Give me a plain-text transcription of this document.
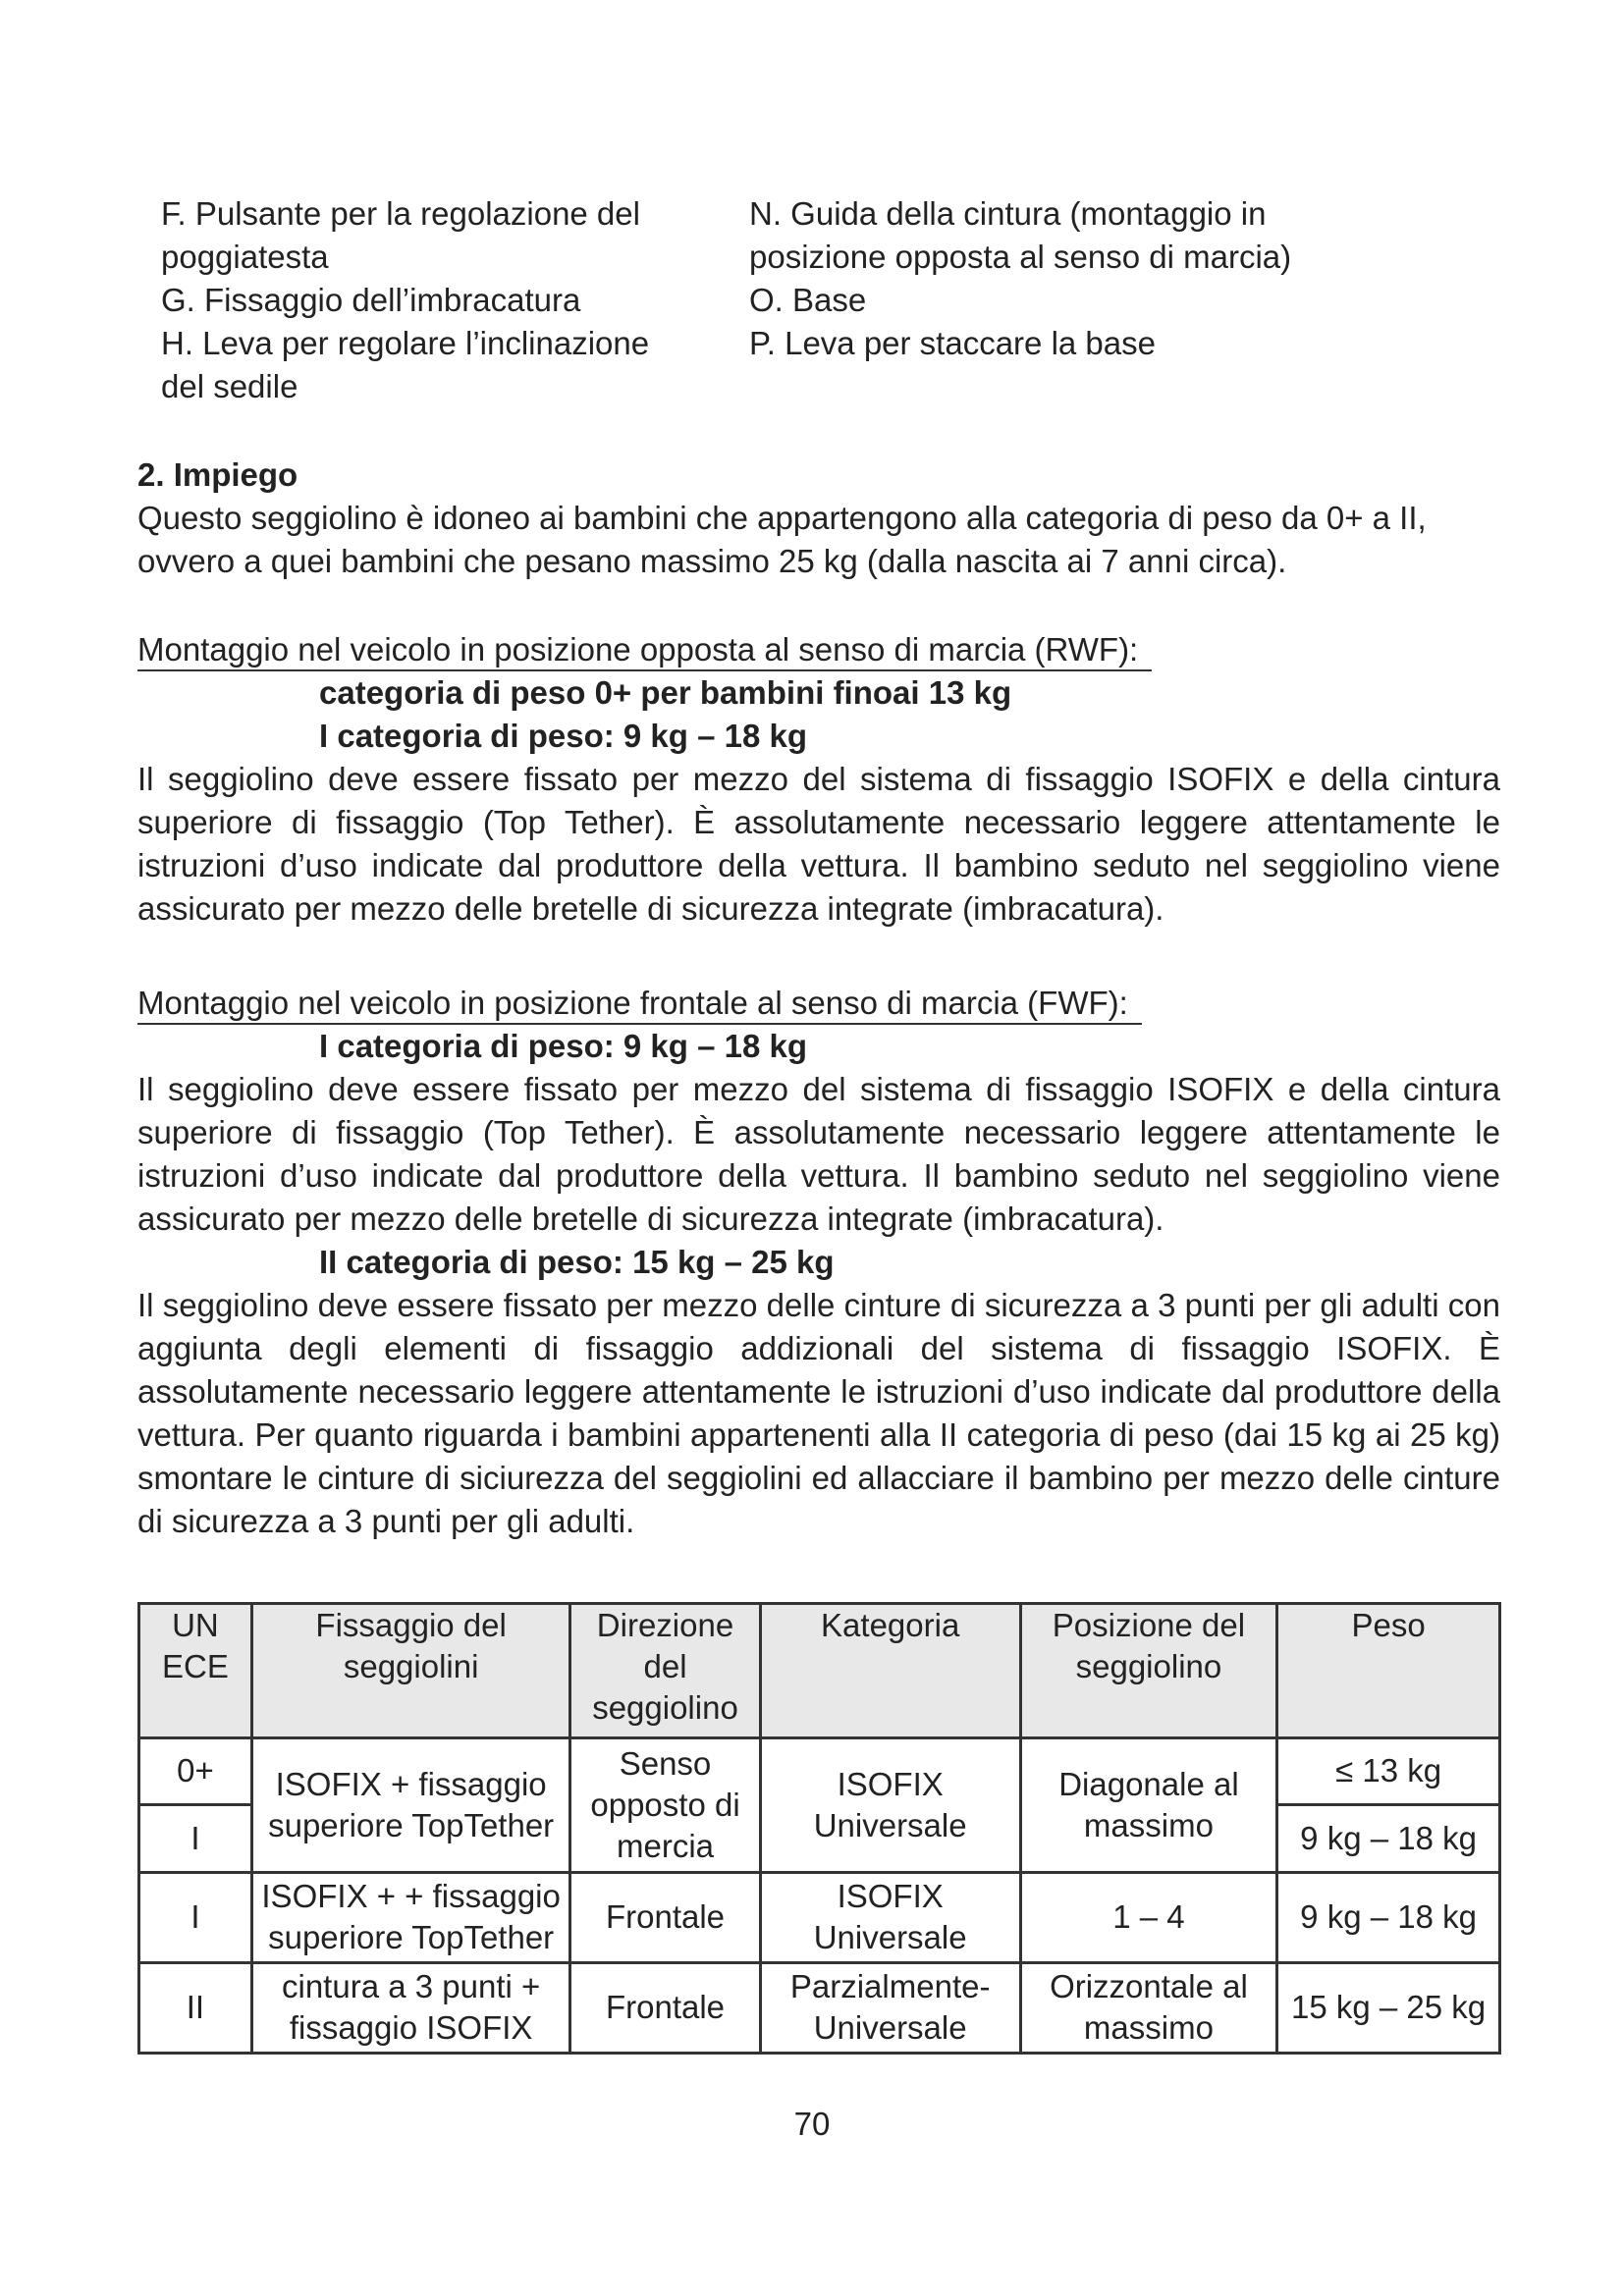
F. Pulsante per la regolazione del
poggiatesta
G. Fissaggio dell’imbracatura
H. Leva per regolare l’inclinazione
del sedile
N. Guida della cintura (montaggio in
posizione opposta al senso di marcia)
O. Base
P. Leva per staccare la base
2. Impiego
Questo seggiolino è idoneo ai bambini che appartengono alla categoria di peso da 0+ a II, ovvero a quei bambini che pesano massimo 25 kg (dalla nascita ai 7 anni circa).
Montaggio nel veicolo in posizione opposta al senso di marcia (RWF):
categoria di peso 0+ per bambini finoai 13 kg
I categoria di peso: 9 kg – 18 kg
Il seggiolino deve essere fissato per mezzo del sistema di fissaggio ISOFIX e della cintura superiore di fissaggio (Top Tether). È assolutamente necessario leggere attentamente le istruzioni d’uso indicate dal produttore della vettura. Il bambino seduto nel seggiolino viene assicurato per mezzo delle bretelle di sicurezza integrate (imbracatura).
Montaggio nel veicolo in posizione frontale al senso di marcia (FWF):
I categoria di peso: 9 kg – 18 kg
Il seggiolino deve essere fissato per mezzo del sistema di fissaggio ISOFIX e della cintura superiore di fissaggio (Top Tether). È assolutamente necessario leggere attentamente le istruzioni d’uso indicate dal produttore della vettura. Il bambino seduto nel seggiolino viene assicurato per mezzo delle bretelle di sicurezza integrate (imbracatura).
II categoria di peso: 15 kg – 25 kg
Il seggiolino deve essere fissato per mezzo delle cinture di sicurezza a 3 punti per gli adulti con aggiunta degli elementi di fissaggio addizionali del sistema di fissaggio ISOFIX. È assolutamente necessario leggere attentamente le istruzioni d’uso indicate dal produttore della vettura. Per quanto riguarda i bambini appartenenti alla II categoria di peso (dai 15 kg ai 25 kg) smontare le cinture di siciurezza del seggiolini ed allacciare il bambino per mezzo delle cinture di sicurezza a 3 punti per gli adulti.
UN ECE	Fissaggio del seggiolini	Direzione del seggiolino	Kategoria	Posizione del seggiolino	Peso
0+	ISOFIX + fissaggio superiore TopTether	Senso opposto di mercia	ISOFIX Universale	Diagonale al massimo	≤ 13 kg
I					9 kg – 18 kg
I	ISOFIX + + fissaggio superiore TopTether	Frontale	ISOFIX Universale	1 – 4	9 kg – 18 kg
II	cintura a 3 punti + fissaggio ISOFIX	Frontale	Parzialmente-Universale	Orizzontale al massimo	15 kg – 25 kg
70
